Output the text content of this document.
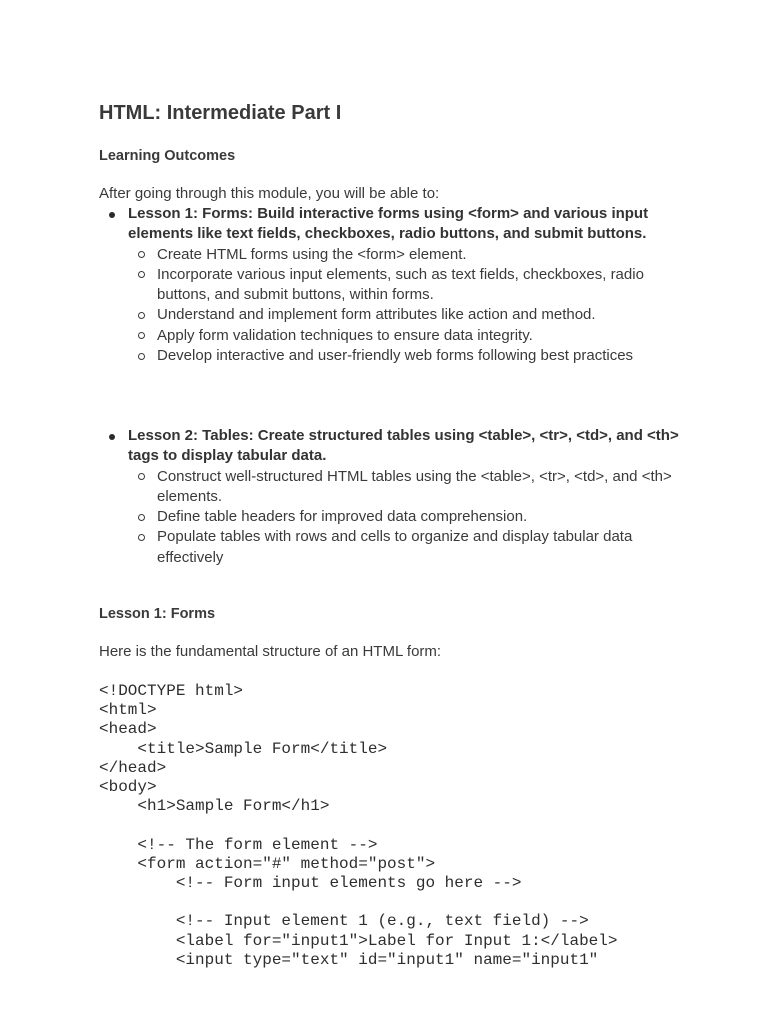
HTML: Intermediate Part I
Learning Outcomes

After going through this module, you will be able to:

Lesson 1: Forms: Build interactive forms using <form> and various input elements like text fields, checkboxes, radio buttons, and submit buttons.
Create HTML forms using the <form> element.
Incorporate various input elements, such as text fields, checkboxes, radio buttons, and submit buttons, within forms.
Understand and implement form attributes like action and method.
Apply form validation techniques to ensure data integrity.
Develop interactive and user-friendly web forms following best practices
Lesson 2: Tables: Create structured tables using <table>, <tr>, <td>, and <th> tags to display tabular data.
Construct well-structured HTML tables using the <table>, <tr>, <td>, and <th> elements.
Define table headers for improved data comprehension.
Populate tables with rows and cells to organize and display tabular data effectively
Lesson 1: Forms

Here is the fundamental structure of an HTML form:

<!DOCTYPE html>
<html>
<head>
<title>Sample Form</title>
</head>
<body>
<h1>Sample Form</h1>

<!-- The form element -->
<form action="#" method="post">
<!-- Form input elements go here -->

<!-- Input element 1 (e.g., text field) -->
<label for="input1">Label for Input 1:</label>
<input type="text" id="input1" name="input1"
